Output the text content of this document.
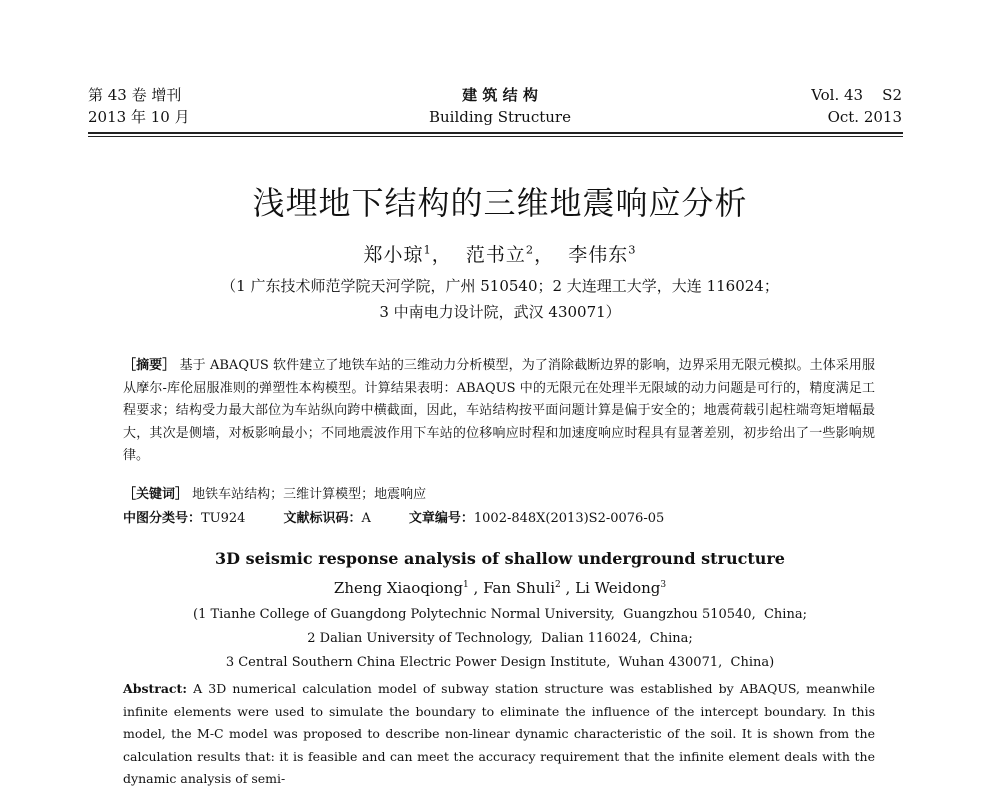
第 43 卷 增刊
2013 年 10 月
建 筑 结 构
Building Structure
Vol. 43    S2
Oct. 2013
浅埋地下结构的三维地震响应分析
郑小琼$^1$，  范书立$^2$，  李伟东$^3$
（1 广东技术师范学院天河学院，广州 510540；2 大连理工大学，大连 116024；
3 中南电力设计院，武汉 430071）
［摘要］ 基于 ABAQUS 软件建立了地铁车站的三维动力分析模型，为了消除截断边界的影响，边界采用无限元模拟。土体采用服从摩尔-库伦屈服准则的弹塑性本构模型。计算结果表明：ABAQUS 中的无限元在处理半无限域的动力问题是可行的，精度满足工程要求；结构受力最大部位为车站纵向跨中横截面，因此，车站结构按平面问题计算是偏于安全的；地震荷载引起柱端弯矩增幅最大，其次是侧墙，对板影响最小；不同地震波作用下车站的位移响应时程和加速度响应时程具有显著差别，初步给出了一些影响规律。
［关键词］ 地铁车站结构；三维计算模型；地震响应
中图分类号：TU924	文献标识码：A	文章编号：1002-848X(2013)S2-0076-05
3D seismic response analysis of shallow underground structure
Zheng Xiaoqiong$^1$ , Fan Shuli$^2$ , Li Weidong$^3$
(1 Tianhe College of Guangdong Polytechnic Normal University,  Guangzhou 510540,  China;
2 Dalian University of Technology,  Dalian 116024,  China;
3 Central Southern China Electric Power Design Institute,  Wuhan 430071,  China)
Abstract: A 3D numerical calculation model of subway station structure was established by ABAQUS, meanwhile infinite elements were used to simulate the boundary to eliminate the influence of the intercept boundary. In this model, the M-C model was proposed to describe non-linear dynamic characteristic of the soil. It is shown from the calculation results that: it is feasible and can meet the accuracy requirement that the infinite element deals with the dynamic analysis of semi-
